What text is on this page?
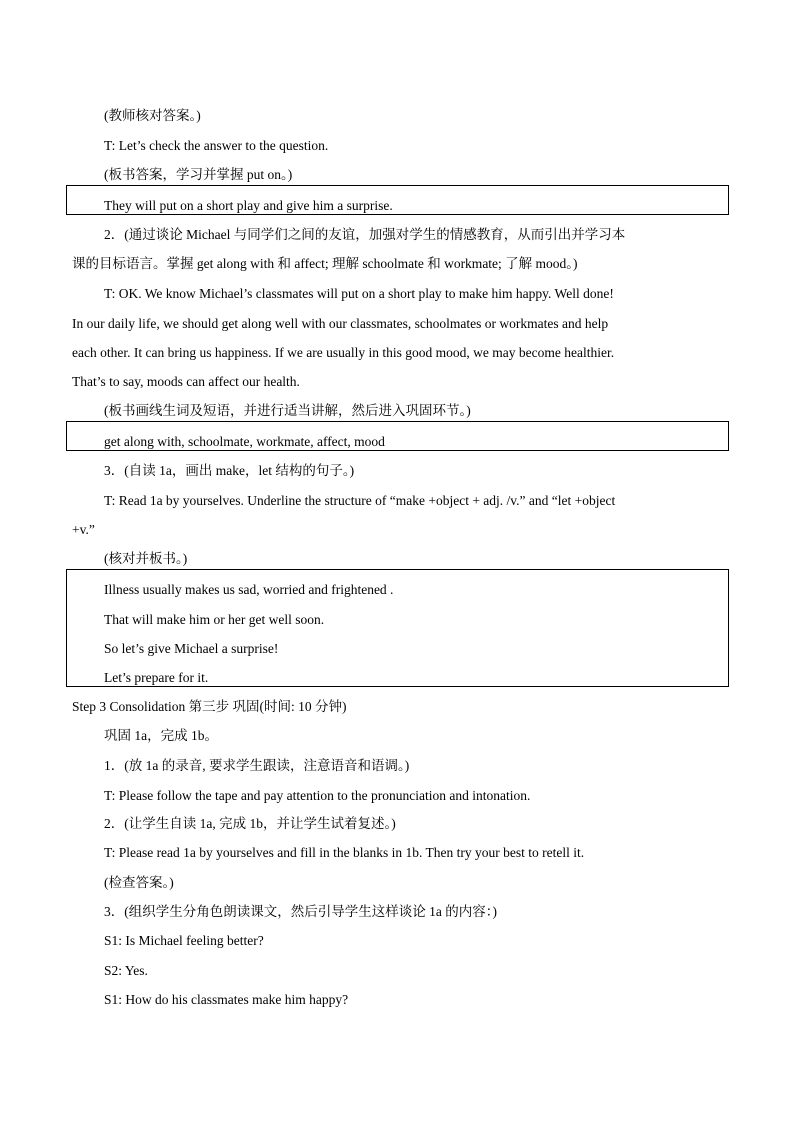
(教师核对答案。)
T: Let’s check the answer to the question.
(板书答案，学习并掌握 put on。)
They will put on a short play and give him a surprise.
2．(通过谈论 Michael 与同学们之间的友谊，加强对学生的情感教育，从而引出并学习本
课的目标语言。掌握 get along with 和 affect; 理解 schoolmate 和 workmate; 了解 mood。)
T: OK. We know Michael’s classmates will put on a short play to make him happy. Well done!
In our daily life, we should get along well with our classmates, schoolmates or workmates and help
each other. It can bring us happiness. If we are usually in this good mood, we may become healthier.
That’s to say, moods can affect our health.
(板书画线生词及短语，并进行适当讲解，然后进入巩固环节。)
get along with, schoolmate, workmate, affect, mood
3．(自读 1a，画出 make，let 结构的句子。)
T: Read 1a by yourselves. Underline the structure of “make +object + adj. /v.” and “let +object
+v.”
(核对并板书。)
Illness usually makes us sad, worried and frightened .
That will make him or her get well soon.
So let’s give Michael a surprise!
Let’s prepare for it.
Step 3 Consolidation 第三步 巩固(时间: 10 分钟)
巩固 1a，完成 1b。
1．(放 1a 的录音, 要求学生跟读，注意语音和语调。)
T: Please follow the tape and pay attention to the pronunciation and intonation.
2．(让学生自读 1a, 完成 1b，并让学生试着复述。)
T: Please read 1a by yourselves and fill in the blanks in 1b. Then try your best to retell it.
(检查答案。)
3．(组织学生分角色朗读课文，然后引导学生这样谈论 1a 的内容：)
S1: Is Michael feeling better?
S2: Yes.
S1: How do his classmates make him happy?
